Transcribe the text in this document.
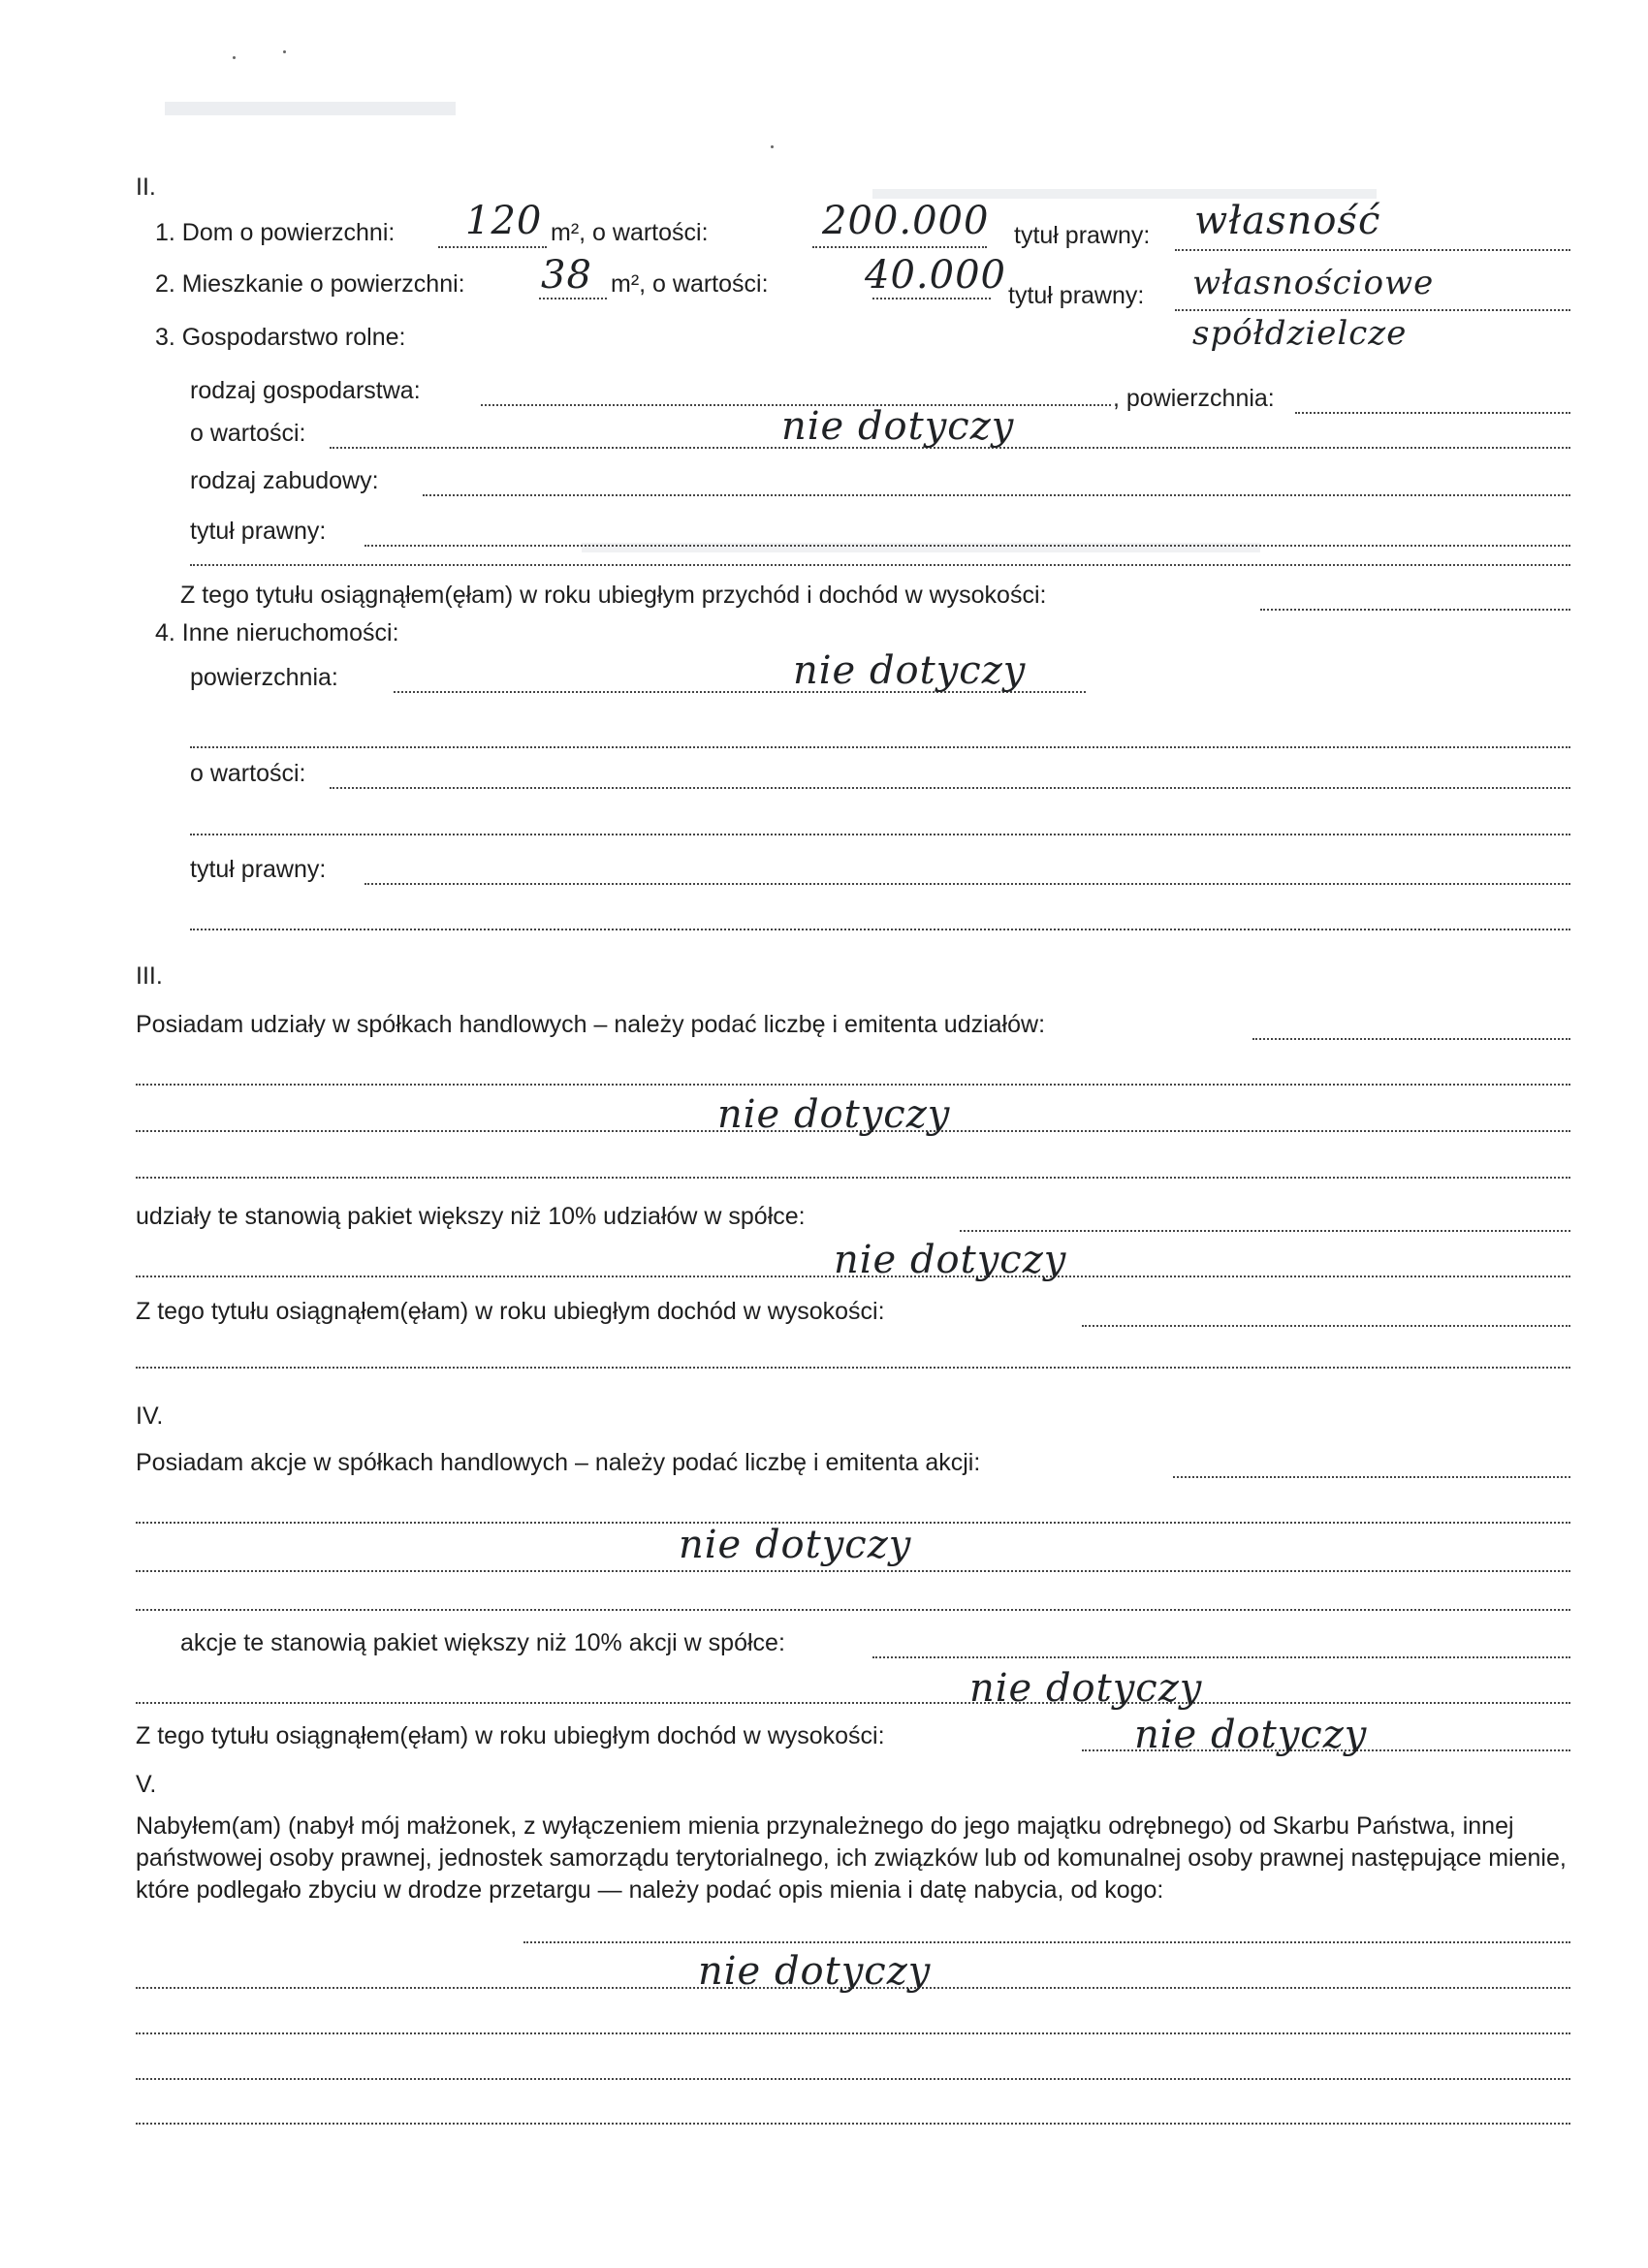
II.
1. Dom o powierzchni: 120 m², o wartości:	200.000 tytuł prawny: własność
2. Mieszkanie o powierzchni: 38 m², o wartości: 40.000 tytuł prawny: własnościowe
spółdzielcze
3. Gospodarstwo rolne:
rodzaj gospodarstwa:	, powierzchnia:
o wartości:	nie dotyczy
rodzaj zabudowy:
tytuł prawny:
Z tego tytułu osiągnąłem(ęłam) w roku ubiegłym przychód i dochód w wysokości:
4. Inne nieruchomości:
powierzchnia:	nie dotyczy
o wartości:
tytuł prawny:
III.
Posiadam udziały w spółkach handlowych – należy podać liczbę i emitenta udziałów:
nie dotyczy
udziały te stanowią pakiet większy niż 10% udziałów w spółce:
nie dotyczy
Z tego tytułu osiągnąłem(ęłam) w roku ubiegłym dochód w wysokości:
IV.
Posiadam akcje w spółkach handlowych – należy podać liczbę i emitenta akcji:
nie dotyczy
akcje te stanowią pakiet większy niż 10% akcji w spółce:
nie dotyczy
Z tego tytułu osiągnąłem(ęłam) w roku ubiegłym dochód w wysokości:	nie dotyczy
V.
Nabyłem(am) (nabył mój małżonek, z wyłączeniem mienia przynależnego do jego majątku odrębnego) od Skarbu Państwa, innej państwowej osoby prawnej, jednostek samorządu terytorialnego, ich związków lub od komunalnej osoby prawnej następujące mienie, które podlegało zbyciu w drodze przetargu — należy podać opis mienia i datę nabycia, od kogo:
nie dotyczy
